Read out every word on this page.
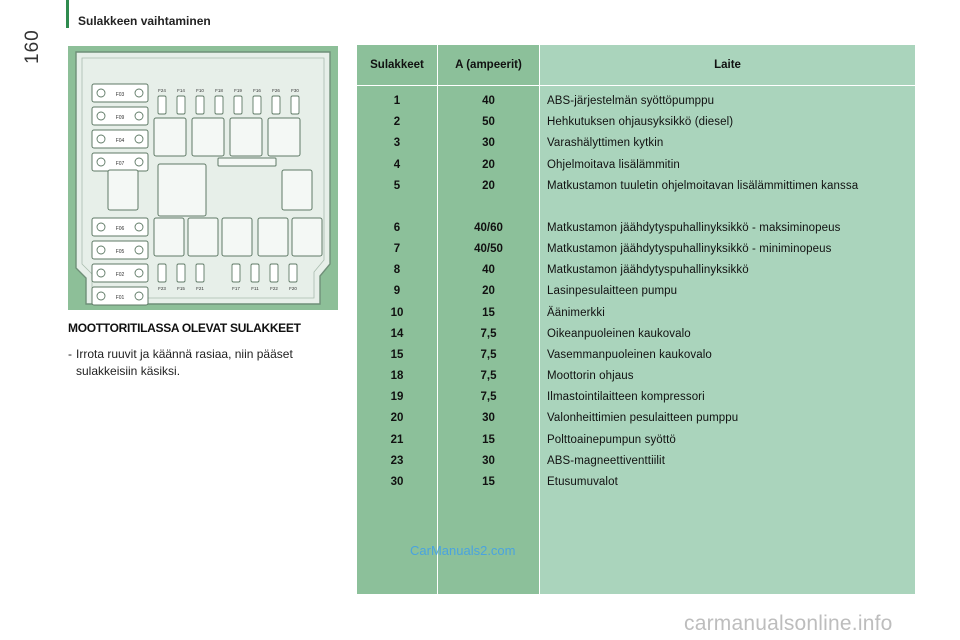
Sulakkeen vaihtaminen
160
F03
F09
F04
F07
F06
F05
F02
F01
F24 F14 F10 F18 F19 F16 F26 F30
F23 F15 F21	F17	F11	F22 F20
MOOTTORITILASSA OLEVAT SULAKKEET
- Irrota ruuvit ja käännä rasiaa, niin pääset sulakkeisiin käsiksi.
Sulakkeet	A (ampeerit)	Laite
1	40	ABS-järjestelmän syöttöpumppu
2	50	Hehkutuksen ohjausyksikkö (diesel)
3	30	Varashälyttimen kytkin
4	20	Ohjelmoitava lisälämmitin
5	20	Matkustamon tuuletin ohjelmoitavan lisälämmittimen kanssa
6	40/60	Matkustamon jäähdytyspuhallinyksikkö - maksiminopeus
7	40/50	Matkustamon jäähdytyspuhallinyksikkö - miniminopeus
8	40	Matkustamon jäähdytyspuhallinyksikkö
9	20	Lasinpesulaitteen pumpu
10	15	Äänimerkki
14	7,5	Oikeanpuoleinen kaukovalo
15	7,5	Vasemmanpuoleinen kaukovalo
18	7,5	Moottorin ohjaus
19	7,5	Ilmastointilaitteen kompressori
20	30	Valonheittimien pesulaitteen pumppu
21	15	Polttoainepumpun syöttö
23	30	ABS-magneettiventtiilit
30	15	Etusumuvalot
CarManuals2.com
carmanualsonline.info
